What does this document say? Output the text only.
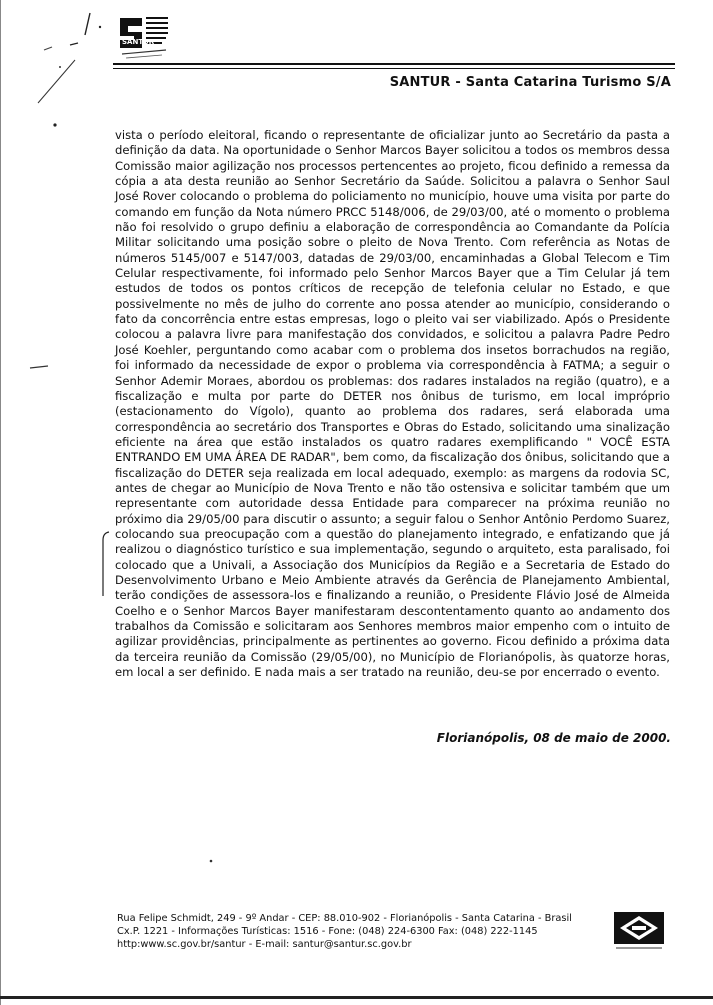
SANTUR
SANTUR - Santa Catarina Turismo S/A

vista o período eleitoral, ficando o representante de oficializar junto ao Secretário da pasta a definição da data. Na oportunidade o Senhor Marcos Bayer solicitou a todos os membros dessa Comissão maior agilização nos processos pertencentes ao projeto, ficou definido a remessa da cópia a ata desta reunião ao Senhor Secretário da Saúde. Solicitou a palavra o Senhor Saul José Rover colocando o problema do policiamento no município, houve uma visita por parte do comando em função da Nota número PRCC 5148/006, de 29/03/00, até o momento o problema não foi resolvido o grupo definiu a elaboração de correspondência ao Comandante da Polícia Militar solicitando uma posição sobre o pleito de Nova Trento. Com referência as Notas de números 5145/007 e 5147/003, datadas de 29/03/00, encaminhadas a Global Telecom e Tim Celular respectivamente, foi informado pelo Senhor Marcos Bayer que a Tim Celular já tem estudos de todos os pontos críticos de recepção de telefonia celular no Estado, e que possivelmente no mês de julho do corrente ano possa atender ao município, considerando o fato da concorrência entre estas empresas, logo o pleito vai ser viabilizado. Após o Presidente colocou a palavra livre para manifestação dos convidados, e solicitou a palavra Padre Pedro José Koehler, perguntando como acabar com o problema dos insetos borrachudos na região, foi informado da necessidade de expor o problema via correspondência à FATMA; a seguir o Senhor Ademir Moraes, abordou os problemas: dos radares instalados na região (quatro), e a fiscalização e multa por parte do DETER nos ônibus de turismo, em local impróprio (estacionamento do Vígolo), quanto ao problema dos radares, será elaborada uma correspondência ao secretário dos Transportes e Obras do Estado, solicitando uma sinalização eficiente na área que estão instalados os quatro radares exemplificando " VOCÊ ESTA ENTRANDO EM UMA ÁREA DE RADAR", bem como, da fiscalização dos ônibus, solicitando que a fiscalização do DETER seja realizada em local adequado, exemplo: as margens da rodovia SC, antes de chegar ao Município de Nova Trento e não tão ostensiva e solicitar também que um representante com autoridade dessa Entidade para comparecer na próxima reunião no próximo dia 29/05/00 para discutir o assunto; a seguir falou o Senhor Antônio Perdomo Suarez, colocando sua preocupação com a questão do planejamento integrado, e enfatizando que já realizou o diagnóstico turístico e sua implementação, segundo o arquiteto, esta paralisado, foi colocado que a Univali, a Associação dos Municípios da Região e a Secretaria de Estado do Desenvolvimento Urbano e Meio Ambiente através da Gerência de Planejamento Ambiental, terão condições de assessora-los e finalizando a reunião, o Presidente Flávio José de Almeida Coelho e o Senhor Marcos Bayer manifestaram descontentamento quanto ao andamento dos trabalhos da Comissão e solicitaram aos Senhores membros maior empenho com o intuito de agilizar providências, principalmente as pertinentes ao governo. Ficou definido a próxima data da terceira reunião da Comissão (29/05/00), no Município de Florianópolis, às quatorze horas, em local a ser definido. E nada mais a ser tratado na reunião, deu-se por encerrado o evento.

Florianópolis, 08 de maio de 2000.
Rua Felipe Schmidt, 249 - 9º Andar - CEP: 88.010-902 - Florianópolis - Santa Catarina - Brasil
Cx.P. 1221 - Informações Turísticas: 1516 - Fone: (048) 224-6300 Fax: (048) 222-1145
http:www.sc.gov.br/santur - E-mail: santur@santur.sc.gov.br
